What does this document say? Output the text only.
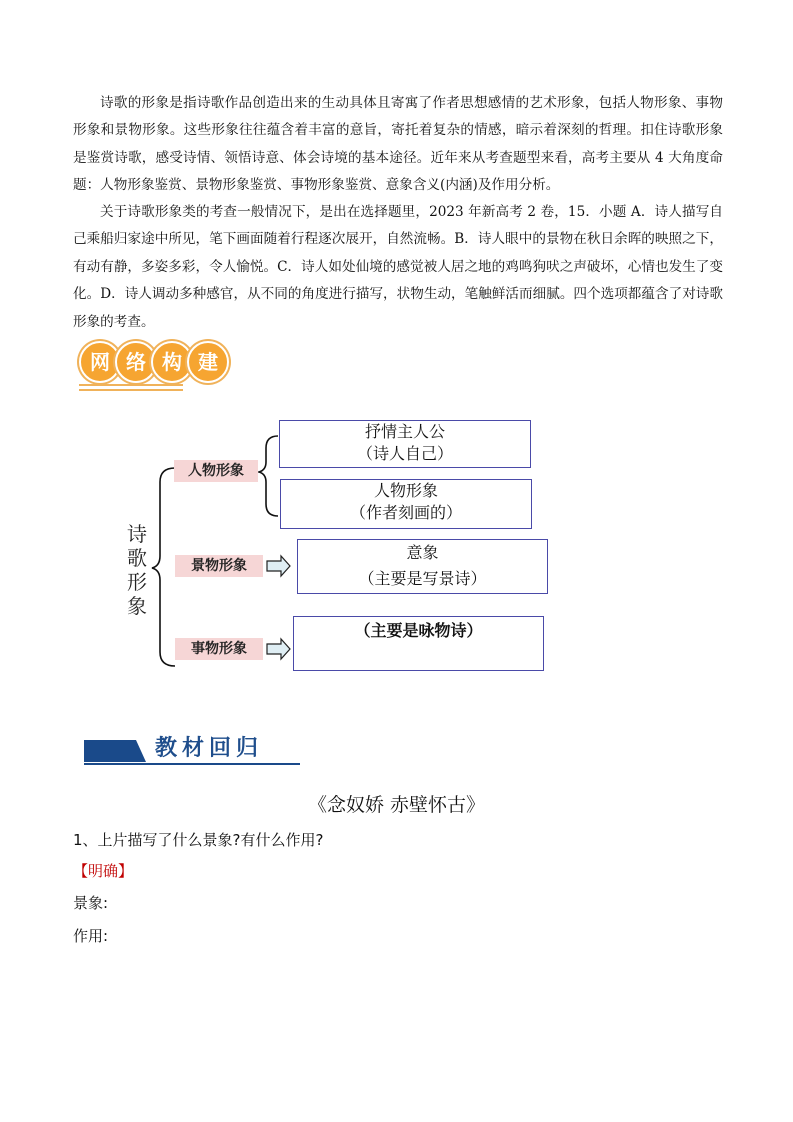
诗歌的形象是指诗歌作品创造出来的生动具体且寄寓了作者思想感情的艺术形象，包括人物形象、事物形象和景物形象。这些形象往往蕴含着丰富的意旨，寄托着复杂的情感，暗示着深刻的哲理。扣住诗歌形象是鉴赏诗歌，感受诗情、领悟诗意、体会诗境的基本途径。近年来从考查题型来看，高考主要从 4 大角度命题：人物形象鉴赏、景物形象鉴赏、事物形象鉴赏、意象含义(内涵)及作用分析。

关于诗歌形象类的考查一般情况下，是出在选择题里，2023 年新高考 2 卷，15．小题 A．诗人描写自己乘船归家途中所见，笔下画面随着行程逐次展开，自然流畅。B．诗人眼中的景物在秋日余晖的映照之下，有动有静，多姿多彩，令人愉悦。C．诗人如处仙境的感觉被人居之地的鸡鸣狗吠之声破坏，心情也发生了变化。D．诗人调动多种感官，从不同的角度进行描写，状物生动，笔触鲜活而细腻。四个选项都蕴含了对诗歌形象的考查。

网 络 构 建
诗
歌
形
象
人物形象
景物形象
事物形象
抒情主人公
（诗人自己）
人物形象
（作者刻画的）
意象
（主要是写景诗）
（主要是咏物诗）
教材回归
《念奴娇 赤壁怀古》
1、上片描写了什么景象?有什么作用?
【明确】
景象:
作用:
